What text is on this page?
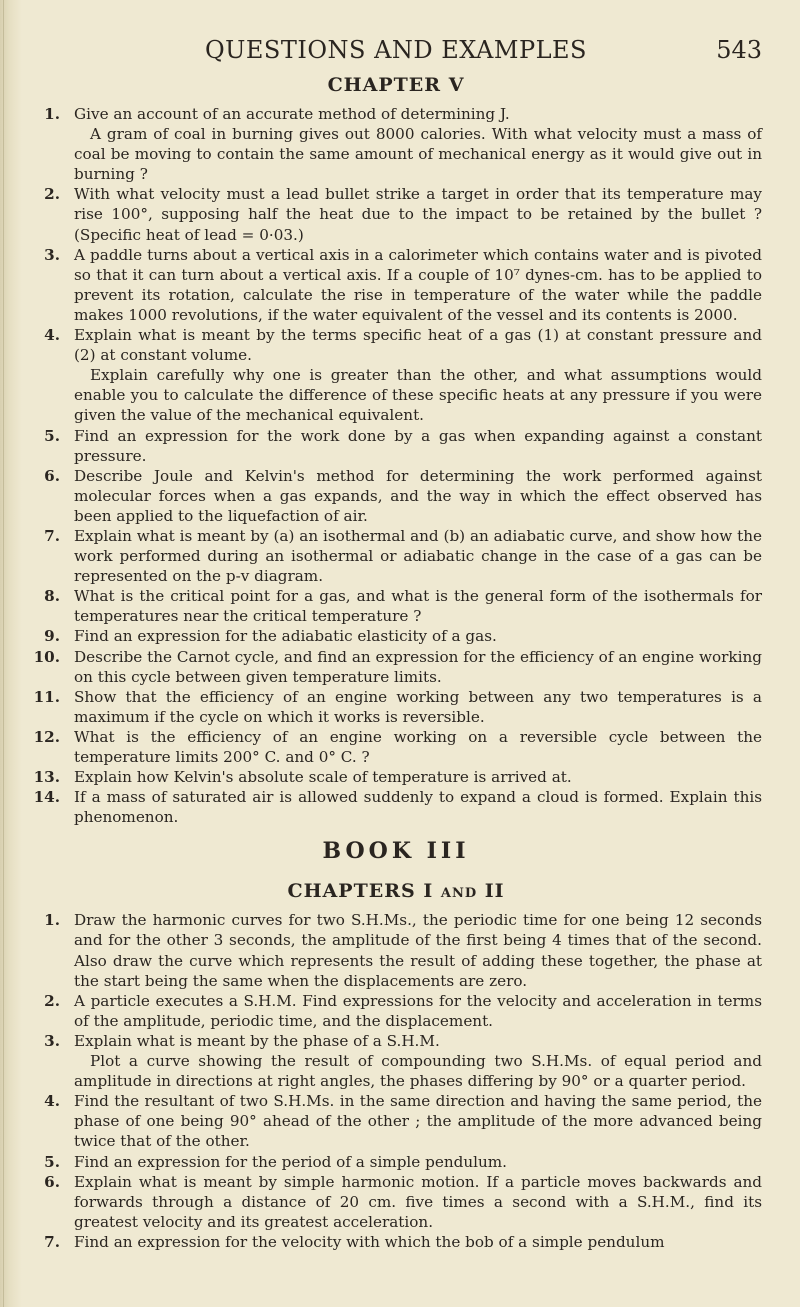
QUESTIONS AND EXAMPLES	543
CHAPTER V
1. Give an account of an accurate method of determining J.

A gram of coal in burning gives out 8000 calories. With what velocity must a mass of coal be moving to contain the same amount of mechanical energy as it would give out in burning ?

2. With what velocity must a lead bullet strike a target in order that its temperature may rise 100°, supposing half the heat due to the impact to be retained by the bullet ? (Specific heat of lead = 0·03.)

3. A paddle turns about a vertical axis in a calorimeter which contains water and is pivoted so that it can turn about a vertical axis. If a couple of 10⁷ dynes-cm. has to be applied to prevent its rotation, calculate the rise in temperature of the water while the paddle makes 1000 revolutions, if the water equivalent of the vessel and its contents is 2000.

4. Explain what is meant by the terms specific heat of a gas (1) at constant pressure and (2) at constant volume.

Explain carefully why one is greater than the other, and what assumptions would enable you to calculate the difference of these specific heats at any pressure if you were given the value of the mechanical equivalent.

5. Find an expression for the work done by a gas when expanding against a constant pressure.

6. Describe Joule and Kelvin's method for determining the work performed against molecular forces when a gas expands, and the way in which the effect observed has been applied to the liquefaction of air.

7. Explain what is meant by (a) an isothermal and (b) an adiabatic curve, and show how the work performed during an isothermal or adiabatic change in the case of a gas can be represented on the p-v diagram.

8. What is the critical point for a gas, and what is the general form of the isothermals for temperatures near the critical temperature ?

9. Find an expression for the adiabatic elasticity of a gas.

10. Describe the Carnot cycle, and find an expression for the efficiency of an engine working on this cycle between given temperature limits.

11. Show that the efficiency of an engine working between any two temperatures is a maximum if the cycle on which it works is reversible.

12. What is the efficiency of an engine working on a reversible cycle between the temperature limits 200° C. and 0° C. ?

13. Explain how Kelvin's absolute scale of temperature is arrived at.

14. If a mass of saturated air is allowed suddenly to expand a cloud is formed. Explain this phenomenon.

BOOK III
CHAPTERS I AND II
1. Draw the harmonic curves for two S.H.Ms., the periodic time for one being 12 seconds and for the other 3 seconds, the amplitude of the first being 4 times that of the second. Also draw the curve which represents the result of adding these together, the phase at the start being the same when the displacements are zero.

2. A particle executes a S.H.M. Find expressions for the velocity and acceleration in terms of the amplitude, periodic time, and the displacement.

3. Explain what is meant by the phase of a S.H.M.

Plot a curve showing the result of compounding two S.H.Ms. of equal period and amplitude in directions at right angles, the phases differing by 90° or a quarter period.

4. Find the resultant of two S.H.Ms. in the same direction and having the same period, the phase of one being 90° ahead of the other ; the amplitude of the more advanced being twice that of the other.

5. Find an expression for the period of a simple pendulum.

6. Explain what is meant by simple harmonic motion. If a particle moves backwards and forwards through a distance of 20 cm. five times a second with a S.H.M., find its greatest velocity and its greatest acceleration.

7. Find an expression for the velocity with which the bob of a simple pendulum
